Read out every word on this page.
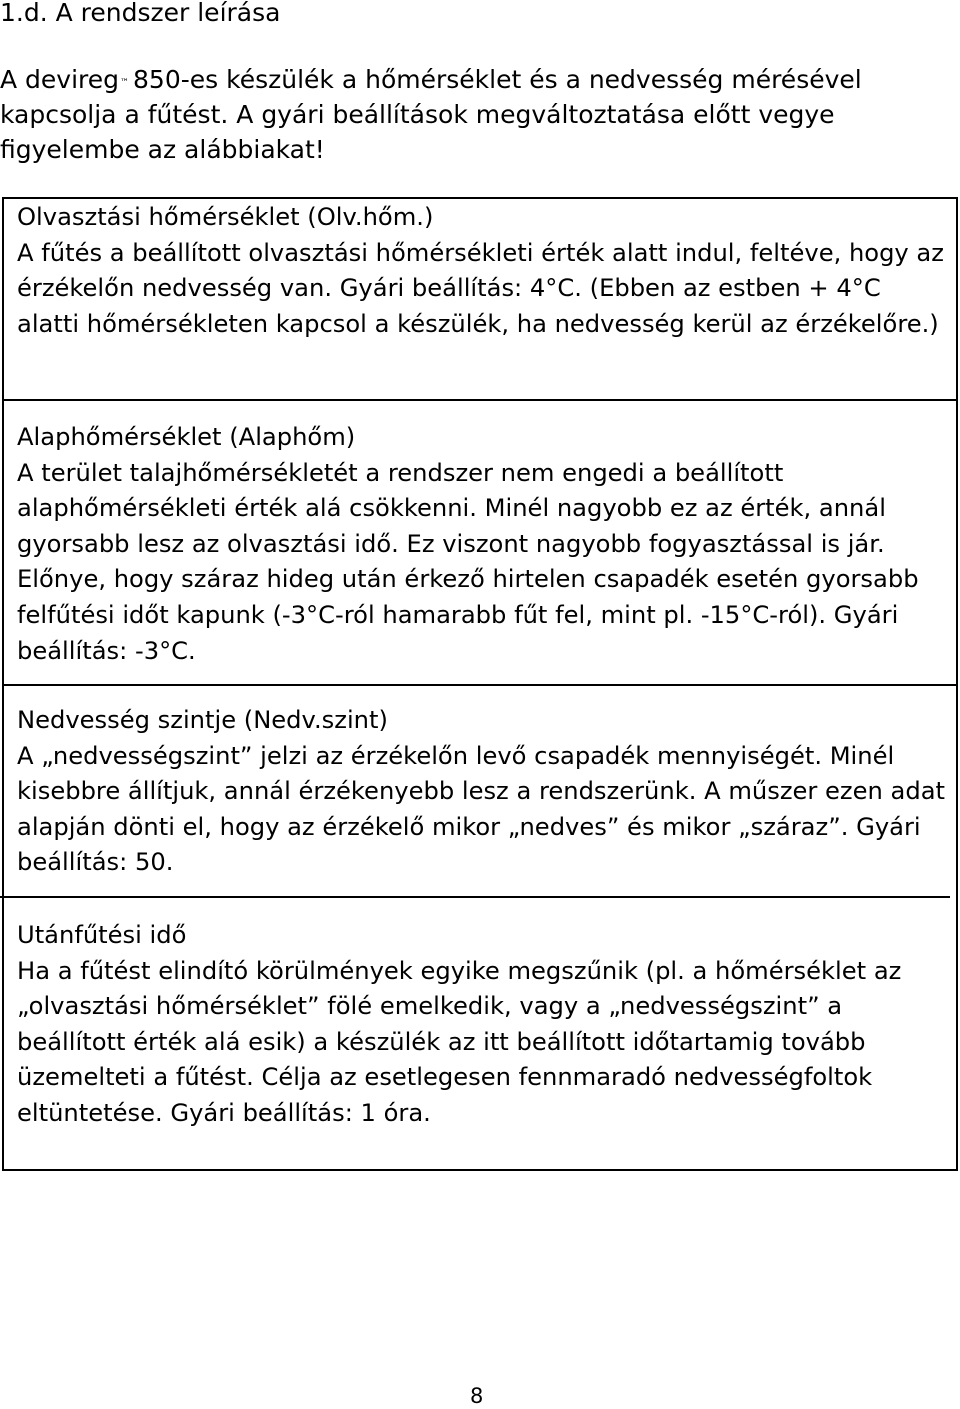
1.d. A rendszer leírása
A devireg™ 850-es készülék a hőmérséklet és a nedvesség mérésével kapcsolja a fűtést. A gyári beállítások megváltoztatása előtt vegye figyelembe az alábbiakat!

Olvasztási hőmérséklet (Olv.hőm.)

A fűtés a beállított olvasztási hőmérsékleti érték alatt indul, feltéve, hogy az érzékelőn nedvesség van. Gyári beállítás: 4°C. (Ebben az estben + 4°C alatti hőmérsékleten kapcsol a készülék, ha nedvesség kerül az érzékelőre.)

Alaphőmérséklet (Alaphőm)

A terület talajhőmérsékletét a rendszer nem engedi a beállított alaphőmérsékleti érték alá csökkenni. Minél nagyobb ez az érték, annál gyorsabb lesz az olvasztási idő. Ez viszont nagyobb fogyasztással is jár. Előnye, hogy száraz hideg után érkező hirtelen csapadék esetén gyorsabb felfűtési időt kapunk (-3°C-ról hamarabb fűt fel, mint pl. -15°C-ról). Gyári beállítás: -3°C.

Nedvesség szintje (Nedv.szint)

A „nedvességszint” jelzi az érzékelőn levő csapadék mennyiségét. Minél kisebbre állítjuk, annál érzékenyebb lesz a rendszerünk. A műszer ezen adat alapján dönti el, hogy az érzékelő mikor „nedves” és mikor „száraz”. Gyári beállítás: 50.

Utánfűtési idő

Ha a fűtést elindító körülmények egyike megszűnik (pl. a hőmérséklet az „olvasztási hőmérséklet” fölé emelkedik, vagy a „nedvességszint” a beállított érték alá esik) a készülék az itt beállított időtartamig tovább üzemelteti a fűtést. Célja az esetlegesen fennmaradó nedvességfoltok eltüntetése. Gyári beállítás: 1 óra.

8
